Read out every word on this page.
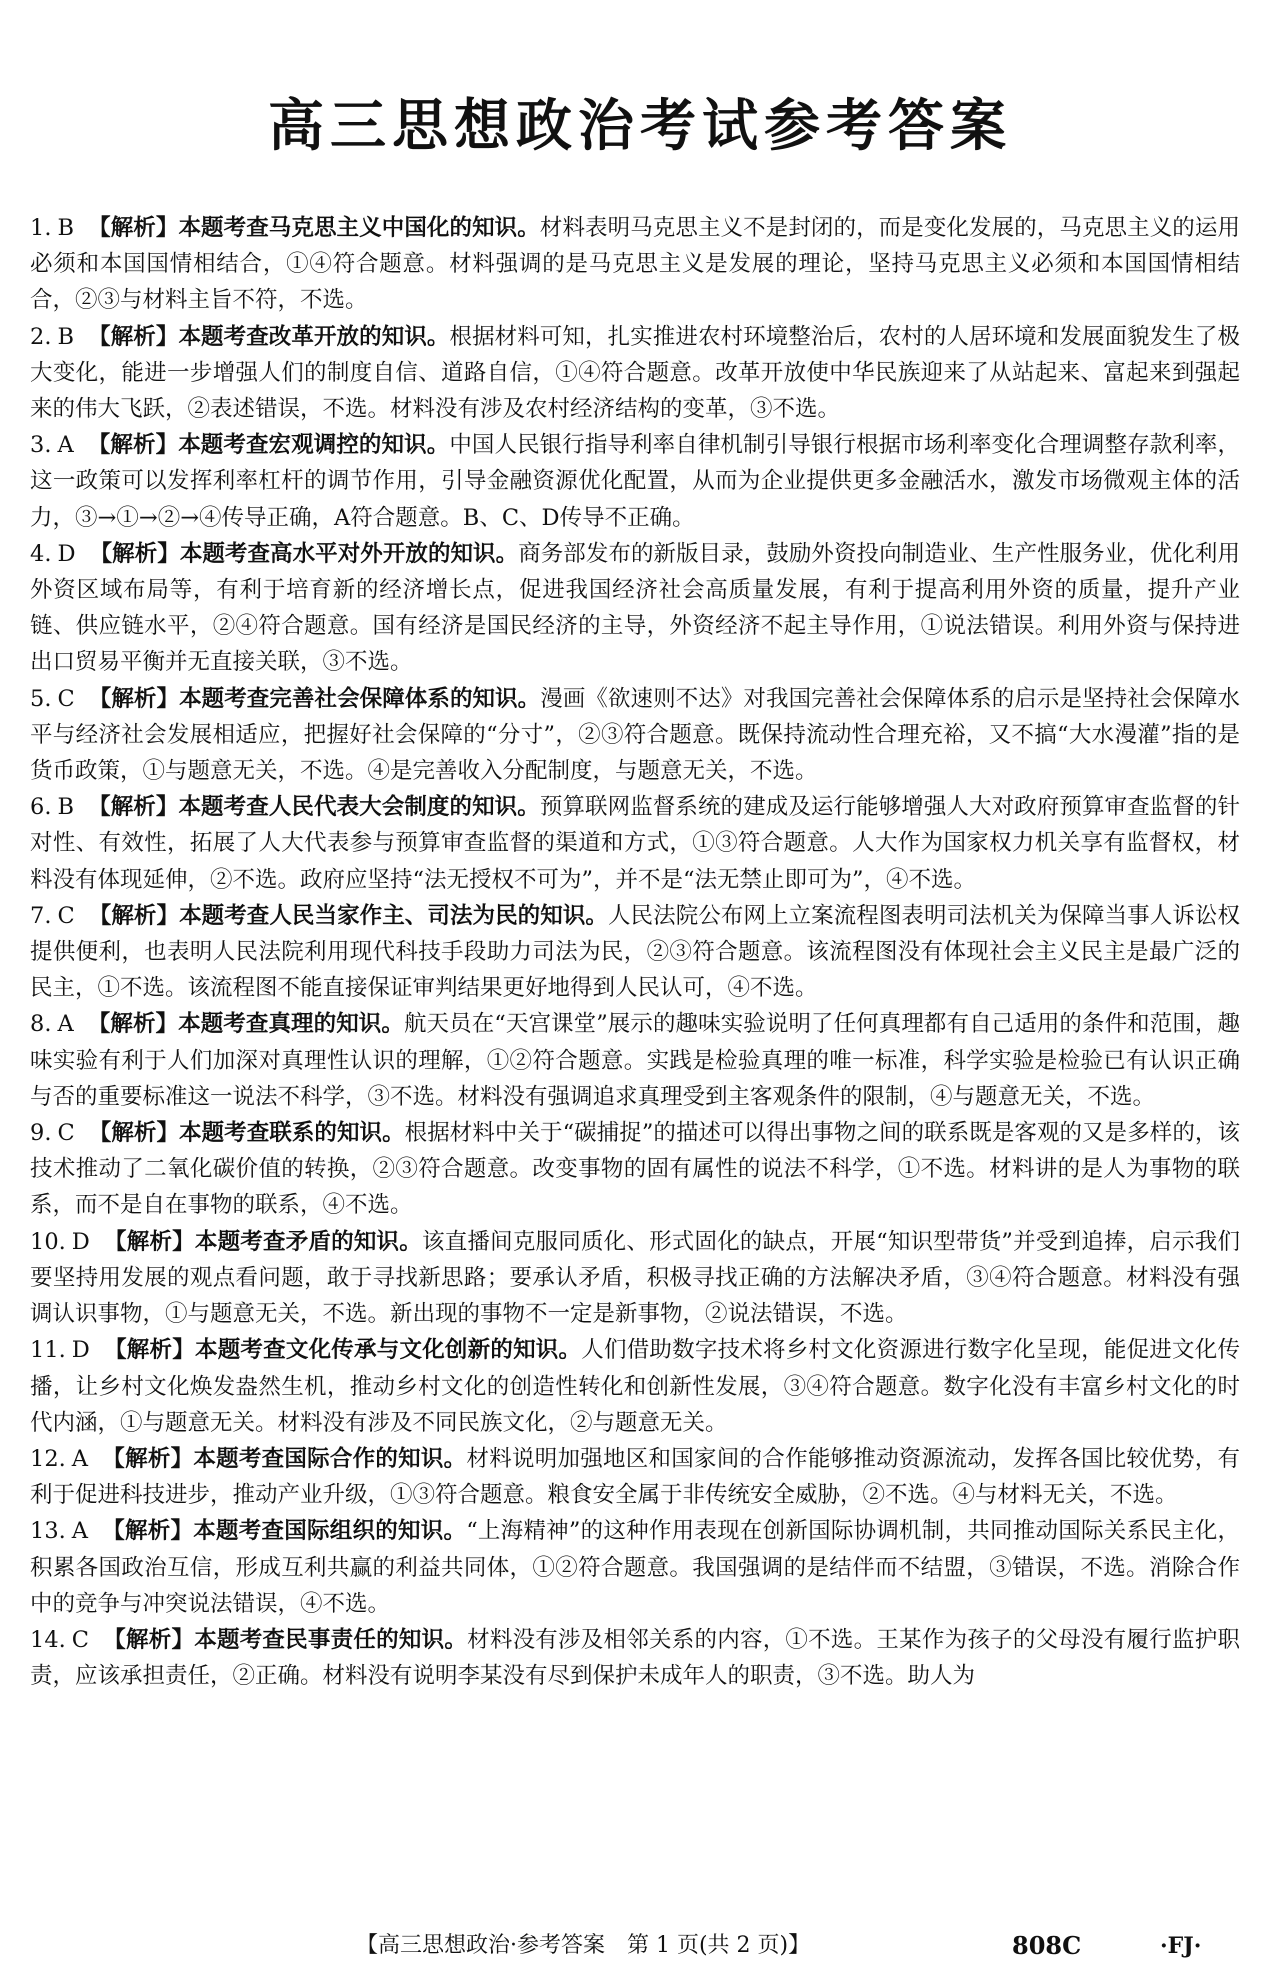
高三思想政治考试参考答案

1. B 【解析】本题考查马克思主义中国化的知识。材料表明马克思主义不是封闭的，而是变化发展的，马克思主义的运用必须和本国国情相结合，①④符合题意。材料强调的是马克思主义是发展的理论，坚持马克思主义必须和本国国情相结合，②③与材料主旨不符，不选。

2. B 【解析】本题考查改革开放的知识。根据材料可知，扎实推进农村环境整治后，农村的人居环境和发展面貌发生了极大变化，能进一步增强人们的制度自信、道路自信，①④符合题意。改革开放使中华民族迎来了从站起来、富起来到强起来的伟大飞跃，②表述错误，不选。材料没有涉及农村经济结构的变革，③不选。

3. A 【解析】本题考查宏观调控的知识。中国人民银行指导利率自律机制引导银行根据市场利率变化合理调整存款利率，这一政策可以发挥利率杠杆的调节作用，引导金融资源优化配置，从而为企业提供更多金融活水，激发市场微观主体的活力，③→①→②→④传导正确，A符合题意。B、C、D传导不正确。

4. D 【解析】本题考查高水平对外开放的知识。商务部发布的新版目录，鼓励外资投向制造业、生产性服务业，优化利用外资区域布局等，有利于培育新的经济增长点，促进我国经济社会高质量发展，有利于提高利用外资的质量，提升产业链、供应链水平，②④符合题意。国有经济是国民经济的主导，外资经济不起主导作用，①说法错误。利用外资与保持进出口贸易平衡并无直接关联，③不选。

5. C 【解析】本题考查完善社会保障体系的知识。漫画《欲速则不达》对我国完善社会保障体系的启示是坚持社会保障水平与经济社会发展相适应，把握好社会保障的“分寸”，②③符合题意。既保持流动性合理充裕，又不搞“大水漫灌”指的是货币政策，①与题意无关，不选。④是完善收入分配制度，与题意无关，不选。

6. B 【解析】本题考查人民代表大会制度的知识。预算联网监督系统的建成及运行能够增强人大对政府预算审查监督的针对性、有效性，拓展了人大代表参与预算审查监督的渠道和方式，①③符合题意。人大作为国家权力机关享有监督权，材料没有体现延伸，②不选。政府应坚持“法无授权不可为”，并不是“法无禁止即可为”，④不选。

7. C 【解析】本题考查人民当家作主、司法为民的知识。人民法院公布网上立案流程图表明司法机关为保障当事人诉讼权提供便利，也表明人民法院利用现代科技手段助力司法为民，②③符合题意。该流程图没有体现社会主义民主是最广泛的民主，①不选。该流程图不能直接保证审判结果更好地得到人民认可，④不选。

8. A 【解析】本题考查真理的知识。航天员在“天宫课堂”展示的趣味实验说明了任何真理都有自己适用的条件和范围，趣味实验有利于人们加深对真理性认识的理解，①②符合题意。实践是检验真理的唯一标准，科学实验是检验已有认识正确与否的重要标准这一说法不科学，③不选。材料没有强调追求真理受到主客观条件的限制，④与题意无关，不选。

9. C 【解析】本题考查联系的知识。根据材料中关于“碳捕捉”的描述可以得出事物之间的联系既是客观的又是多样的，该技术推动了二氧化碳价值的转换，②③符合题意。改变事物的固有属性的说法不科学，①不选。材料讲的是人为事物的联系，而不是自在事物的联系，④不选。

10. D 【解析】本题考查矛盾的知识。该直播间克服同质化、形式固化的缺点，开展“知识型带货”并受到追捧，启示我们要坚持用发展的观点看问题，敢于寻找新思路；要承认矛盾，积极寻找正确的方法解决矛盾，③④符合题意。材料没有强调认识事物，①与题意无关，不选。新出现的事物不一定是新事物，②说法错误，不选。

11. D 【解析】本题考查文化传承与文化创新的知识。人们借助数字技术将乡村文化资源进行数字化呈现，能促进文化传播，让乡村文化焕发盎然生机，推动乡村文化的创造性转化和创新性发展，③④符合题意。数字化没有丰富乡村文化的时代内涵，①与题意无关。材料没有涉及不同民族文化，②与题意无关。

12. A 【解析】本题考查国际合作的知识。材料说明加强地区和国家间的合作能够推动资源流动，发挥各国比较优势，有利于促进科技进步，推动产业升级，①③符合题意。粮食安全属于非传统安全威胁，②不选。④与材料无关，不选。

13. A 【解析】本题考查国际组织的知识。“上海精神”的这种作用表现在创新国际协调机制，共同推动国际关系民主化，积累各国政治互信，形成互利共赢的利益共同体，①②符合题意。我国强调的是结伴而不结盟，③错误，不选。消除合作中的竞争与冲突说法错误，④不选。

14. C 【解析】本题考查民事责任的知识。材料没有涉及相邻关系的内容，①不选。王某作为孩子的父母没有履行监护职责，应该承担责任，②正确。材料没有说明李某没有尽到保护未成年人的职责，③不选。助人为

【高三思想政治·参考答案　第 1 页(共 2 页)】	808C	·FJ·
